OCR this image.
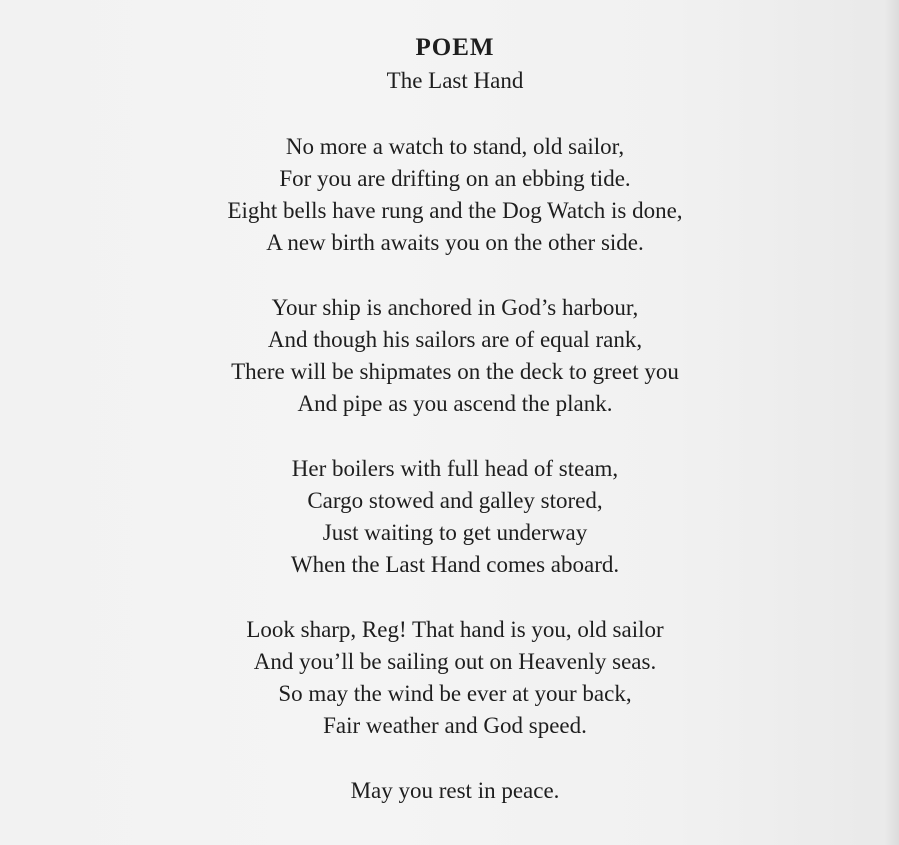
POEM
The Last Hand
No more a watch to stand, old sailor,
For you are drifting on an ebbing tide.
Eight bells have rung and the Dog Watch is done,
A new birth awaits you on the other side.
Your ship is anchored in God’s harbour,
And though his sailors are of equal rank,
There will be shipmates on the deck to greet you
And pipe as you ascend the plank.
Her boilers with full head of steam,
Cargo stowed and galley stored,
Just waiting to get underway
When the Last Hand comes aboard.
Look sharp, Reg! That hand is you, old sailor
And you’ll be sailing out on Heavenly seas.
So may the wind be ever at your back,
Fair weather and God speed.
May you rest in peace.
